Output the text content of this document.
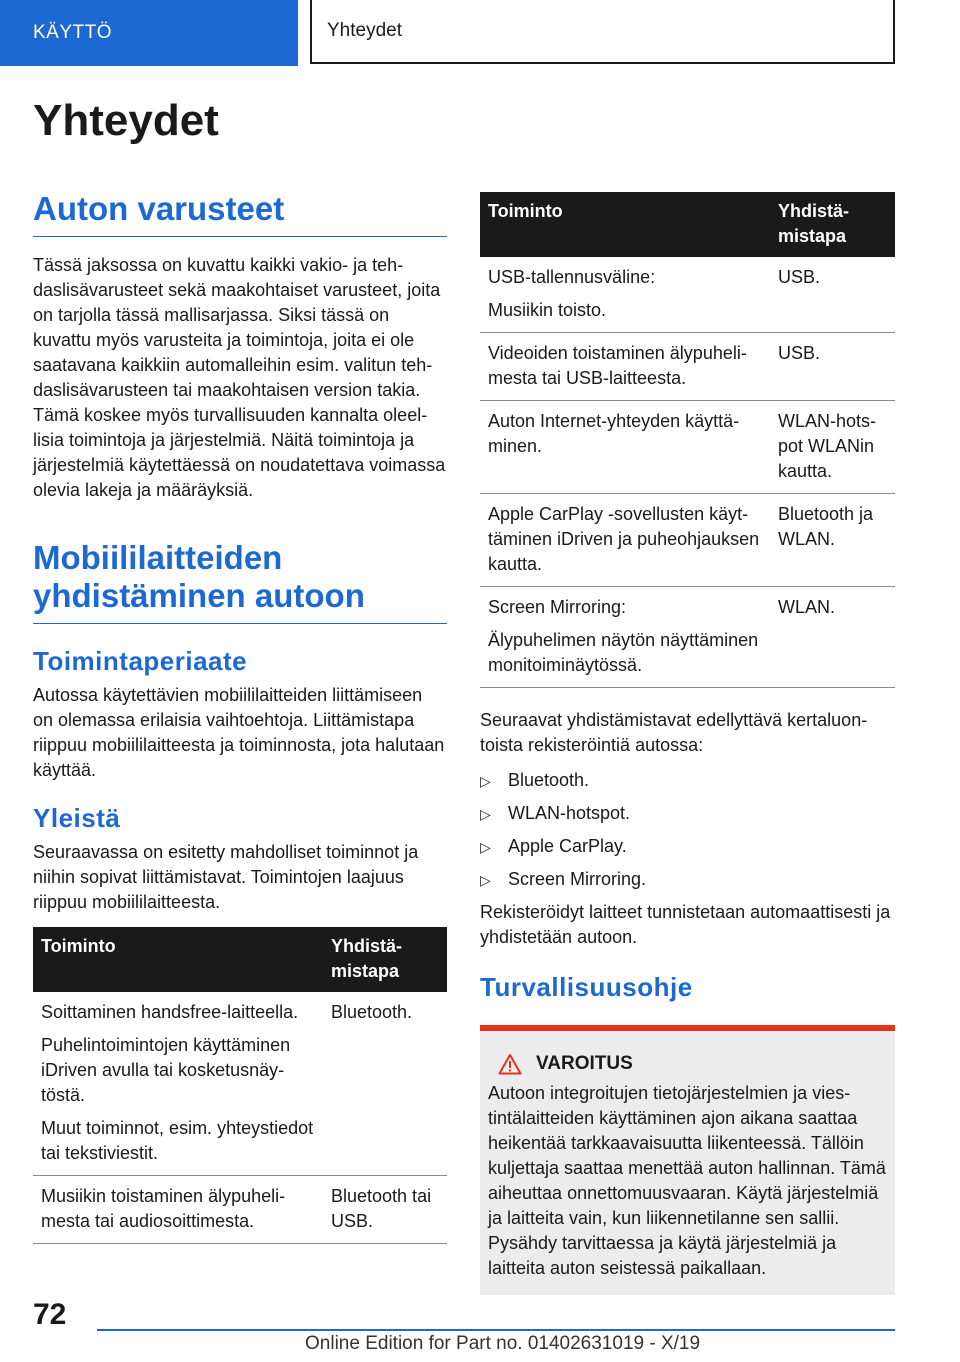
KÄYTTÖ	Yhteydet
Yhteydet
Auton varusteet

Tässä jaksossa on kuvattu kaikki vakio- ja tehdaslisävarusteet sekä maakohtaiset varusteet, joita on tarjolla tässä mallisarjassa. Siksi tässä on kuvattu myös varusteita ja toimintoja, joita ei ole saatavana kaikkiin automalleihin esim. valitun tehdaslisävarusteen tai maakohtaisen version takia. Tämä koskee myös turvallisuuden kannalta oleellisia toimintoja ja järjestelmiä. Näitä toimintoja ja järjestelmiä käytettäessä on noudatettava voimassa olevia lakeja ja määräyksiä.

Mobiililaitteiden yhdistäminen autoon
Toimintaperiaate

Autossa käytettävien mobiililaitteiden liittämiseen on olemassa erilaisia vaihtoehtoja. Liittämistapa riippuu mobiililaitteesta ja toiminnosta, jota halutaan käyttää.

Yleistä

Seuraavassa on esitetty mahdolliset toiminnot ja niihin sopivat liittämistavat. Toimintojen laajuus riippuu mobiililaitteesta.

Toiminto	Yhdistämistapa

Soittaminen handsfree-laitteella.
Puhelintoimintojen käyttäminen iDriven avulla tai kosketusnäytöstä.
Muut toiminnot, esim. yhteystiedot tai tekstiviestit.	Bluetooth.

Musiikin toistaminen älypuhelimesta tai audiosoittimesta.	Bluetooth tai USB.
Toiminto	Yhdistämistapa

USB-tallennusväline:
Musiikin toisto.	USB.

Videoiden toistaminen älypuhelimesta tai USB-laitteesta.	USB.

Auton Internet-yhteyden käyttäminen.	WLAN-hotspot WLANin kautta.

Apple CarPlay -sovellusten käyttäminen iDriven ja puheohjauksen kautta.	Bluetooth ja WLAN.

Screen Mirroring:
Älypuhelimen näytön näyttäminen monitoiminäytössä.	WLAN.

Seuraavat yhdistämistavat edellyttävä kertaluontoista rekisteröintiä autossa:

▷ Bluetooth.
▷ WLAN-hotspot.
▷ Apple CarPlay.
▷ Screen Mirroring.

Rekisteröidyt laitteet tunnistetaan automaattisesti ja yhdistetään autoon.

Turvallisuusohje
VAROITUS

Autoon integroitujen tietojärjestelmien ja viestintälaitteiden käyttäminen ajon aikana saattaa heikentää tarkkaavaisuutta liikenteessä. Tällöin kuljettaja saattaa menettää auton hallinnan. Tämä aiheuttaa onnettomuusvaaran. Käytä järjestelmiä ja laitteita vain, kun liikennetilanne sen sallii. Pysähdy tarvittaessa ja käytä järjestelmiä ja laitteita auton seistessä paikallaan.

72
Online Edition for Part no. 01402631019 - X/19
